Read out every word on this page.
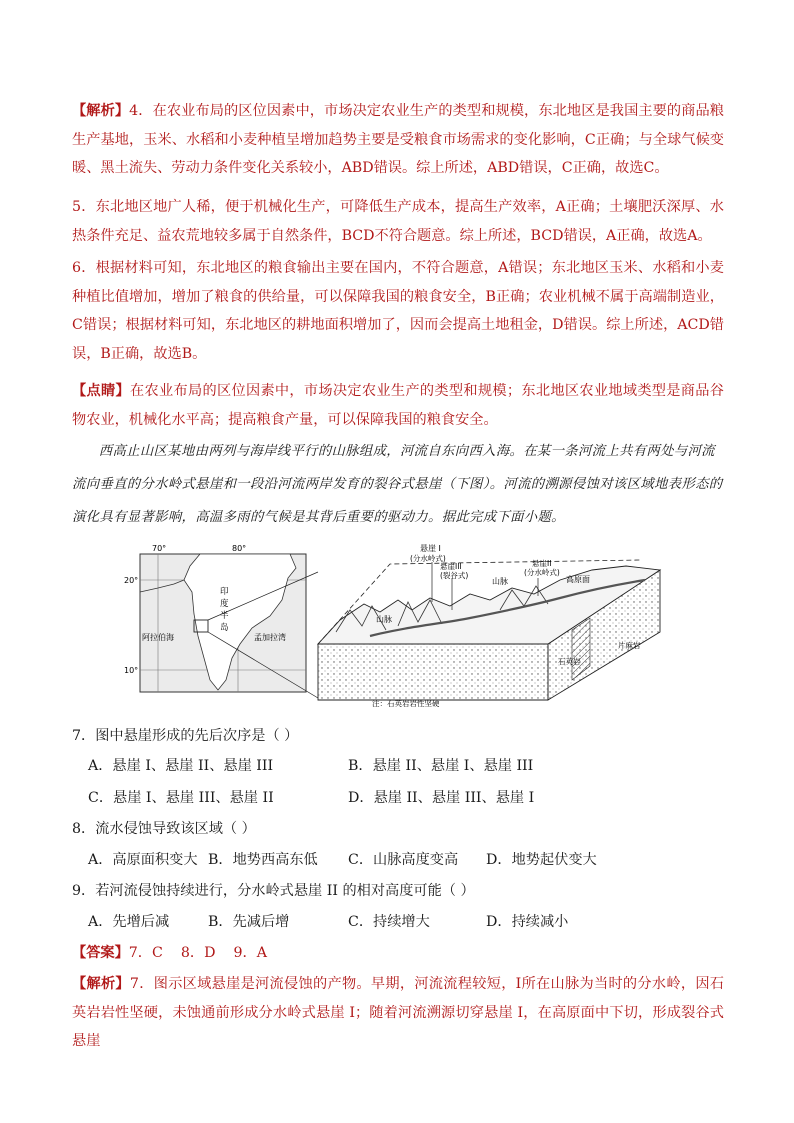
【解析】4．在农业布局的区位因素中，市场决定农业生产的类型和规模，东北地区是我国主要的商品粮生产基地，玉米、水稻和小麦种植呈增加趋势主要是受粮食市场需求的变化影响，C正确；与全球气候变暖、黑土流失、劳动力条件变化关系较小，ABD错误。综上所述，ABD错误，C正确，故选C。

5．东北地区地广人稀，便于机械化生产，可降低生产成本，提高生产效率，A正确；土壤肥沃深厚、水热条件充足、益农荒地较多属于自然条件，BCD不符合题意。综上所述，BCD错误，A正确，故选A。

6．根据材料可知，东北地区的粮食输出主要在国内，不符合题意，A错误；东北地区玉米、水稻和小麦种植比值增加，增加了粮食的供给量，可以保障我国的粮食安全，B正确；农业机械不属于高端制造业，C错误；根据材料可知，东北地区的耕地面积增加了，因而会提高土地租金，D错误。综上所述，ACD错误，B正确，故选B。

【点睛】在农业布局的区位因素中，市场决定农业生产的类型和规模；东北地区农业地域类型是商品谷物农业，机械化水平高；提高粮食产量，可以保障我国的粮食安全。

西高止山区某地由两列与海岸线平行的山脉组成，河流自东向西入海。在某一条河流上共有两处与河流流向垂直的分水岭式悬崖和一段沿河流两岸发育的裂谷式悬崖（下图）。河流的溯源侵蚀对该区域地表形态的演化具有显著影响，高温多雨的气候是其背后重要的驱动力。据此完成下面小题。

70°	80°
20°
10°
阿拉伯海	孟加拉湾
印
度
半
岛
悬崖 I
(分水岭式)
悬崖III
(裂谷式)
悬崖II
(分水岭式)
山脉	高原面
山脉
石英岩
片麻岩
注：石英岩岩性坚硬

7．图中悬崖形成的先后次序是（ ）

A．悬崖 I、悬崖 II、悬崖 III	B．悬崖 II、悬崖 I、悬崖 III

C．悬崖 I、悬崖 III、悬崖 II	D．悬崖 II、悬崖 III、悬崖 I

8．流水侵蚀导致该区域（ ）

A．高原面积变大 B．地势西高东低 C．山脉高度变高 D．地势起伏变大

9．若河流侵蚀持续进行，分水岭式悬崖 II 的相对高度可能（ ）

A．先增后减	B．先减后增	C．持续增大	D．持续减小

【答案】7．C    8．D    9．A

【解析】7．图示区域悬崖是河流侵蚀的产物。早期，河流流程较短，I所在山脉为当时的分水岭，因石英岩岩性坚硬，未蚀通前形成分水岭式悬崖 I；随着河流溯源切穿悬崖 I，在高原面中下切，形成裂谷式悬崖
